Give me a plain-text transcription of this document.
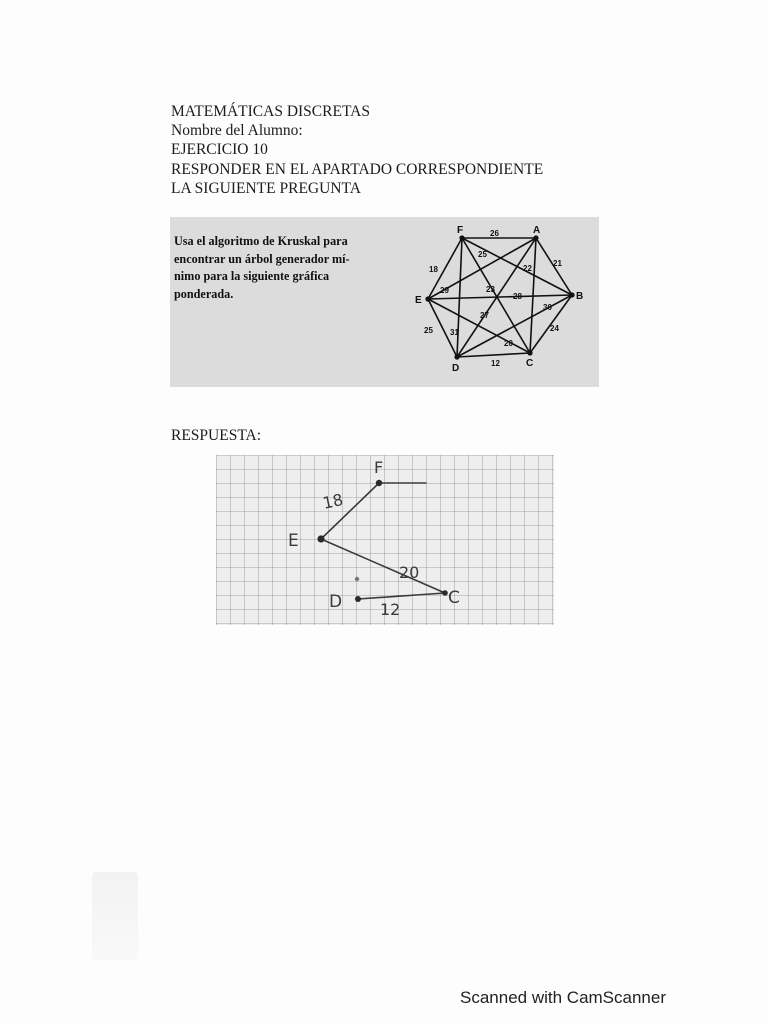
MATEMÁTICAS DISCRETAS
Nombre del Alumno:
EJERCICIO 10
RESPONDER EN EL APARTADO CORRESPONDIENTE
LA SIGUIENTE PREGUNTA
Usa el algoritmo de Kruskal para
encontrar un árbol generador mí-
nimo para la siguiente gráfica
ponderada.
F	A
B
C
D
E
26
18
21
24
12
25
25
22
28
29
31
23
27
30
20
RESPUESTA:
F
E
D	C
18
20
12
Scanned with CamScanner
